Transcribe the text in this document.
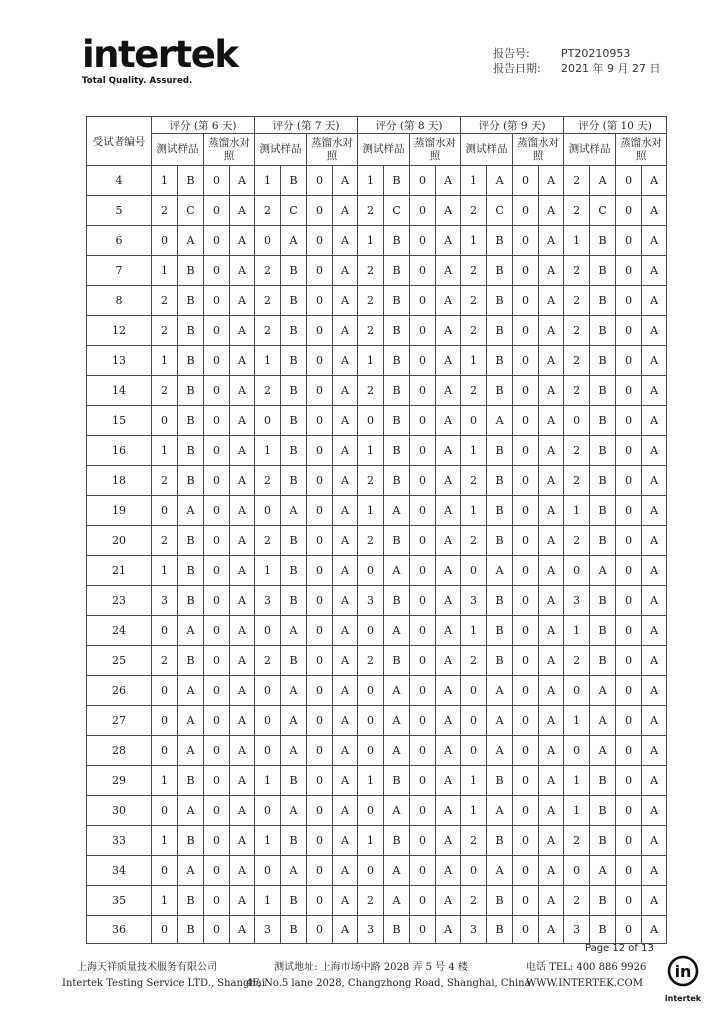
intertek
Total Quality. Assured.
报告号:	PT20210953
报告日期: 2021 年 9 月 27 日
受试者编号	评分 (第 6 天)				评分 (第 7 天)				评分 (第 8 天)				评分 (第 9 天)				评分 (第 10 天)			
	测试样品		蒸馏水对照		测试样品		蒸馏水对照		测试样品		蒸馏水对照		测试样品		蒸馏水对照		测试样品		蒸馏水对照	
4	1	B	0	A	1	B	0	A	1	B	0	A	1	A	0	A	2	A	0	A
5	2	C	0	A	2	C	0	A	2	C	0	A	2	C	0	A	2	C	0	A
6	0	A	0	A	0	A	0	A	1	B	0	A	1	B	0	A	1	B	0	A
7	1	B	0	A	2	B	0	A	2	B	0	A	2	B	0	A	2	B	0	A
8	2	B	0	A	2	B	0	A	2	B	0	A	2	B	0	A	2	B	0	A
12	2	B	0	A	2	B	0	A	2	B	0	A	2	B	0	A	2	B	0	A
13	1	B	0	A	1	B	0	A	1	B	0	A	1	B	0	A	2	B	0	A
14	2	B	0	A	2	B	0	A	2	B	0	A	2	B	0	A	2	B	0	A
15	0	B	0	A	0	B	0	A	0	B	0	A	0	A	0	A	0	B	0	A
16	1	B	0	A	1	B	0	A	1	B	0	A	1	B	0	A	2	B	0	A
18	2	B	0	A	2	B	0	A	2	B	0	A	2	B	0	A	2	B	0	A
19	0	A	0	A	0	A	0	A	1	A	0	A	1	B	0	A	1	B	0	A
20	2	B	0	A	2	B	0	A	2	B	0	A	2	B	0	A	2	B	0	A
21	1	B	0	A	1	B	0	A	0	A	0	A	0	A	0	A	0	A	0	A
23	3	B	0	A	3	B	0	A	3	B	0	A	3	B	0	A	3	B	0	A
24	0	A	0	A	0	A	0	A	0	A	0	A	1	B	0	A	1	B	0	A
25	2	B	0	A	2	B	0	A	2	B	0	A	2	B	0	A	2	B	0	A
26	0	A	0	A	0	A	0	A	0	A	0	A	0	A	0	A	0	A	0	A
27	0	A	0	A	0	A	0	A	0	A	0	A	0	A	0	A	1	A	0	A
28	0	A	0	A	0	A	0	A	0	A	0	A	0	A	0	A	0	A	0	A
29	1	B	0	A	1	B	0	A	1	B	0	A	1	B	0	A	1	B	0	A
30	0	A	0	A	0	A	0	A	0	A	0	A	1	A	0	A	1	B	0	A
33	1	B	0	A	1	B	0	A	1	B	0	A	2	B	0	A	2	B	0	A
34	0	A	0	A	0	A	0	A	0	A	0	A	0	A	0	A	0	A	0	A
35	1	B	0	A	1	B	0	A	2	A	0	A	2	B	0	A	2	B	0	A
36	0	B	0	A	3	B	0	A	3	B	0	A	3	B	0	A	3	B	0	A
Page 12 of 13
上海天祥质量技术服务有限公司
Intertek Testing Service LTD., Shanghai
测试地址: 上海市场中路 2028 弄 5 号 4 楼
4F, No.5 lane 2028, Changzhong Road, Shanghai, China
电话 TEL: 400 886 9926
WWW.INTERTEK.COM
in
intertek
